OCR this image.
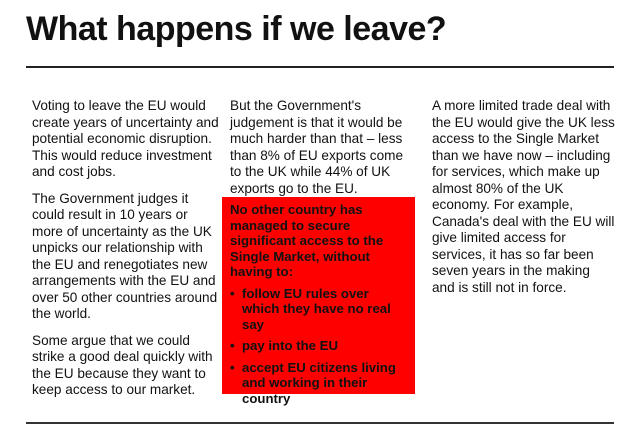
What happens if we leave?

Voting to leave the EU would create years of uncertainty and potential economic disruption. This would reduce investment and cost jobs.

The Government judges it could result in 10 years or more of uncertainty as the UK unpicks our relationship with the EU and renegotiates new arrangements with the EU and over 50 other countries around the world.

Some argue that we could strike a good deal quickly with the EU because they want to keep access to our market.

But the Government's judgement is that it would be much harder than that – less than 8% of EU exports come to the UK while 44% of UK exports go to the EU.

No other country has managed to secure significant access to the Single Market, without having to:

• follow EU rules over which they have no real say
• pay into the EU
• accept EU citizens living and working in their country

A more limited trade deal with the EU would give the UK less access to the Single Market than we have now – including for services, which make up almost 80% of the UK economy. For example, Canada's deal with the EU will give limited access for services, it has so far been seven years in the making and is still not in force.
